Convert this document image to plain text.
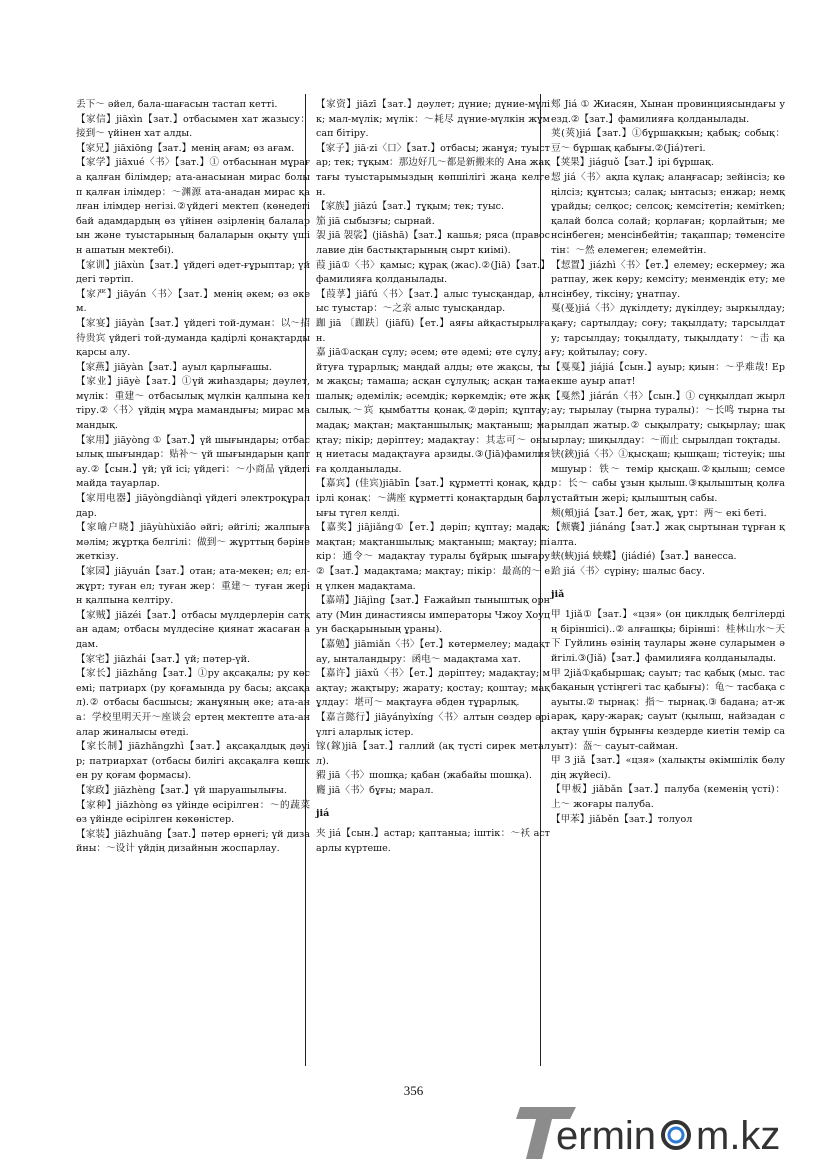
丢下～ әйел, бала-шағасын тастап кетті.

【家信】jiāxìn【зат.】отбасымен хат жазысу：接到～ үйінен хат алды.

【家兄】jiāxiōng【зат.】менің ағам; өз ағам.

【家学】jiāxué〈书〉【зат.】① отбасынан мұраға қалған білімдер; ата-анасынан мирас болып қалған ілімдер：～渊源 ата-анадан мирас қалған ілімдер негізі.②үйдегі мектеп (көнедегі бай адамдардың өз үйінен әзірленің балаларын және туыстарының балаларын оқыту үшін ашатын мектебі).

【家训】jiāxùn【зат.】үйдегі әдет-ғұрыптар; үйдегі тәртіп.

【家严】jiāyán〈书〉【зат.】менің әкем; өз әкем.

【家宴】jiāyàn【зат.】үйдегі той-думан：以～招待贵宾 үйдегі той-думанда қадірлі қонақтарды қарсы алу.

【家燕】jiāyàn【зат.】ауыл қарлығашы.

【家业】jiāyè【зат.】①үй жиhаздары; дәулет, мүлік：重建～ отбасылық мүлкін қалпына келтіру.②〈书〉үйдің мұра мамандығы; мирас мамандық.

【家用】jiāyòng ①【зат.】үй шығындары; отбасылық шығындар：贴补～ үй шығындарын қаптау.②【сын.】үй; үй ісі; үйдегі：～小商品 үйдегі майда тауарлар.

【家用电器】jiāyòngdiànqì үйдегі электроқұралдар.

【家喻户晓】jiāyùhùxiǎo әйгі; әйгілі; жалпыға мәлім; жұртқа белгілі：做到～ жұрттың бәріне жеткізу.

【家园】jiāyuán【зат.】отан; ата-мекен; ел; ел-жұрт; туған ел; туған жер：重建～ туған жерін қалпына келтіру.

【家贼】jiāzéi【зат.】отбасы мүлдерлерін сатқан адам; отбасы мүлдесіне қиянат жасаған адам.

【家宅】jiāzhái【зат.】үй; пәтер-үй.

【家长】jiāzhǎng【зат.】①ру ақсақалы; ру көсемі; патриарх (ру қоғамында ру басы; ақсақал).② отбасы басшысы; жанұяның әке; ата-ана：学校里明天开～座谈会 ертең мектепте ата-аналар жиналысы өтеді.

【家长制】jiāzhǎngzhì【зат.】ақсақалдық дәуір; патриархат (отбасы билігі ақсақалға көшкен ру қоғам формасы).

【家政】jiāzhèng【зат.】үй шаруашылығы.

【家种】jiāzhòng өз үйінде өсірілген：～的蔬菜 өз үйінде өсірілген көкөністер.

【家装】jiāzhuāng【зат.】пәтер өрнегі; үй дизайны：～设计 үйдің дизайнын жоспарлау.

【家资】jiāzī【зат.】дәулет; дүние; дүние-мүлік; мал-мүлік; мүлік：～耗尽 дүние-мүлкін жұмсап бітіру.

【家子】jiā·zi〈口〉【зат.】отбасы; жанұя; туыстар; тек; тұқым：那边好几～都是新搬来的 Ана жақтағы туыстарымыздың көпшілігі жаңа келген.

【家族】jiāzú【зат.】тұқым; тек; туыс.

笳 jiā сыбызғы; сырнай.

袈 jiā 袈裟】(jiāshā)【зат.】кашья; ряса (православие дін бастықтарының сырт киімі).

葭 jiā①〈书〉қамыс; құрақ (жас).②(Jiā)【зат.】фамилияға қолданылады.

【葭莩】jiāfú〈书〉【зат.】алыс туысқандар, алыс туыстар：～之亲 алыс туысқандар.

跏 jiā 〔跏趺〕(jiāfū)【ет.】аяғы айқастырылған.

嘉 jiā①асқан сұлу; әсем; өте әдемі; өте сұлу; айтуға тұрарлық; маңдай алды; өте жақсы, тым жақсы; тамаша; асқан сұлулық; асқан тамашалық; әдемілік; әсемдік; көркемдік; өте жақсылық.～宾 қымбатты қонақ.②дәріп; құптау; мадақ; мақтан; мақтаншылық; мақтаныш; мақтау; пікір; дәріптеу; мадақтау：其志可～ оның ниетасы мадақтауға арзиды.③(Jiā)фамилияға қолданылады.

【嘉宾】(佳宾)jiābīn【зат.】құрметті қонақ, қадірлі қонақ：～满座 құрметті қонақтардың барлығы түгел келді.

【嘉奖】jiājiǎng①【ет.】дәріп; құптау; мадақ; мақтан; мақтаншылық; мақтаныш; мақтау; пікір：通令～ мадақтау туралы бұйрық шығару②【зат.】мадақтама; мақтау; пікір：最高的～ ең үлкен мадақтама.

【嘉靖】Jiājìng【зат.】Ғажайып тыныштық орнату (Мин династиясы императоры Чжоу Хоуцун басқарыныың ұраны).

【嘉勉】jiāmiǎn〈书〉【ет.】көтермелеу; мадақтау, ынталандыру：函电～ мадақтама хат.

【嘉许】jiāxǔ〈书〉【ет.】дәріптеу; мадақтау; мақтау; жақтыру; жарату; қостау; қоштау; мақұлдау：堪可～ мақтауға әбден тұрарлық.

【嘉言懿行】jiāyányìxíng〈书〉алтын сөздер әрі үлгі аларлық істер.

镓(鎵)jiā【зат.】галлий (ақ түсті сирек металл).

豭 jiā〈书〉шошқа; қабан (жабайы шошқа).

麚 jiā〈书〉бұғы; марал.

jiá

夹 jiá【сын.】астар; қаптаныа; іштік：～袄 астарлы күртеше.

郏 Jiá ① Жиасян, Хынан провинциясындағы уезд.②【зат.】фамилияға қолданылады.

荚(莢)jiá【зат.】①бұршақкын; қабық; собық：豆～ бұршақ қабығы.②(Jiá)тегі.

【荚果】jiáguǒ【зат.】ірі бұршақ.

恝 jiá〈书〉ақпа құлақ; алаңғасар; зейінсіз; көңілсіз; құнтсыз; салақ; ынтасыз; енжар; немқұрайды; селқос; селсоқ; кемсітетін; кемітken; қалай болса солай; қорлаған; қорлайтын; менсінбеген; менсінбейтін; тақаппар; төменсітетін：～然 елемеген; елемейтін.

【恝置】jiázhì〈书〉【ет.】елемеу; ескермеу; жаратпау, жек көру; кемсіту; менмендік ету; менсінбеу, тіксіну; ұнатпау.

戛(戞)jiá〈书〉дүкілдету; дүкілдеу; зыркылдау; қағу; сартылдау; соғу; тақылдату; тарсылдату; тарсылдау; тоқылдату, тықылдату：～击 қағу; қойтылау; соғу.

【戛戛】jiájiá【сын.】ауыр; қиын：～乎难哉! Ерекше ауыр апат!

【戛然】jiárán〈书〉【сын.】① сұңқылдап жырлау; тырылау (тырна туралы)：～长鸣 тырна тырылдап жатыр.② сықылрату; сықырлау; шақырлау; шиқылдау：～而止 сырылдап тоқтады.

铗(鋏)jiá〈书〉①қысқаш; қышқаш; тістеуік; шымшуыр：铁～ темір қысқаш.②қылыш; семсер：长～ сабы ұзын қылыш.③қылыштың қолға ұстайтын жері; қылыштың сабы.

颊(頰)jiá【зат.】бет, жақ, ұрт：两～ екі беті.

【颊囊】jiánáng【зат.】жақ сыртынан тұрған қалта.

蛱(蛺)jiá 蛱蝶】(jiádié)【зат.】ванесса.

跲 jiá〈书〉сүріну; шалыс басу.

jiǎ

甲 1jiǎ①【зат.】«цзя» (он циклдық белгілердің біріншісі)..② алғашқы; бірінші：桂林山水～天下 Гуйлинь өзінің таулары және суларымен әйгілі.③(Jiǎ)【зат.】фамилияға қолданылады.

甲 2jiǎ①қабыршақ; сауыт; тас қабық (мыс. тасбақаның үстіңгегі тас қабығы)：龟～ тасбақа сауыты.② тырнақ：指～ тырнақ.③ бадана; ат-жарақ, қару-жарақ; сауыт (қылыш, найзадан сақтау үшін бұрынғы кездерде киетін темір сауыт)：盔～ сауыт-сайман.

甲 3 jiǎ【зат.】«цзя» (халықты әкімшілік бөлудің жүйесі).

【甲板】jiǎbǎn【зат.】палуба (кеменің үсті)：上～ жоғары палуба.

【甲苯】jiǎběn【зат.】толуол

356
ermin m.kz
